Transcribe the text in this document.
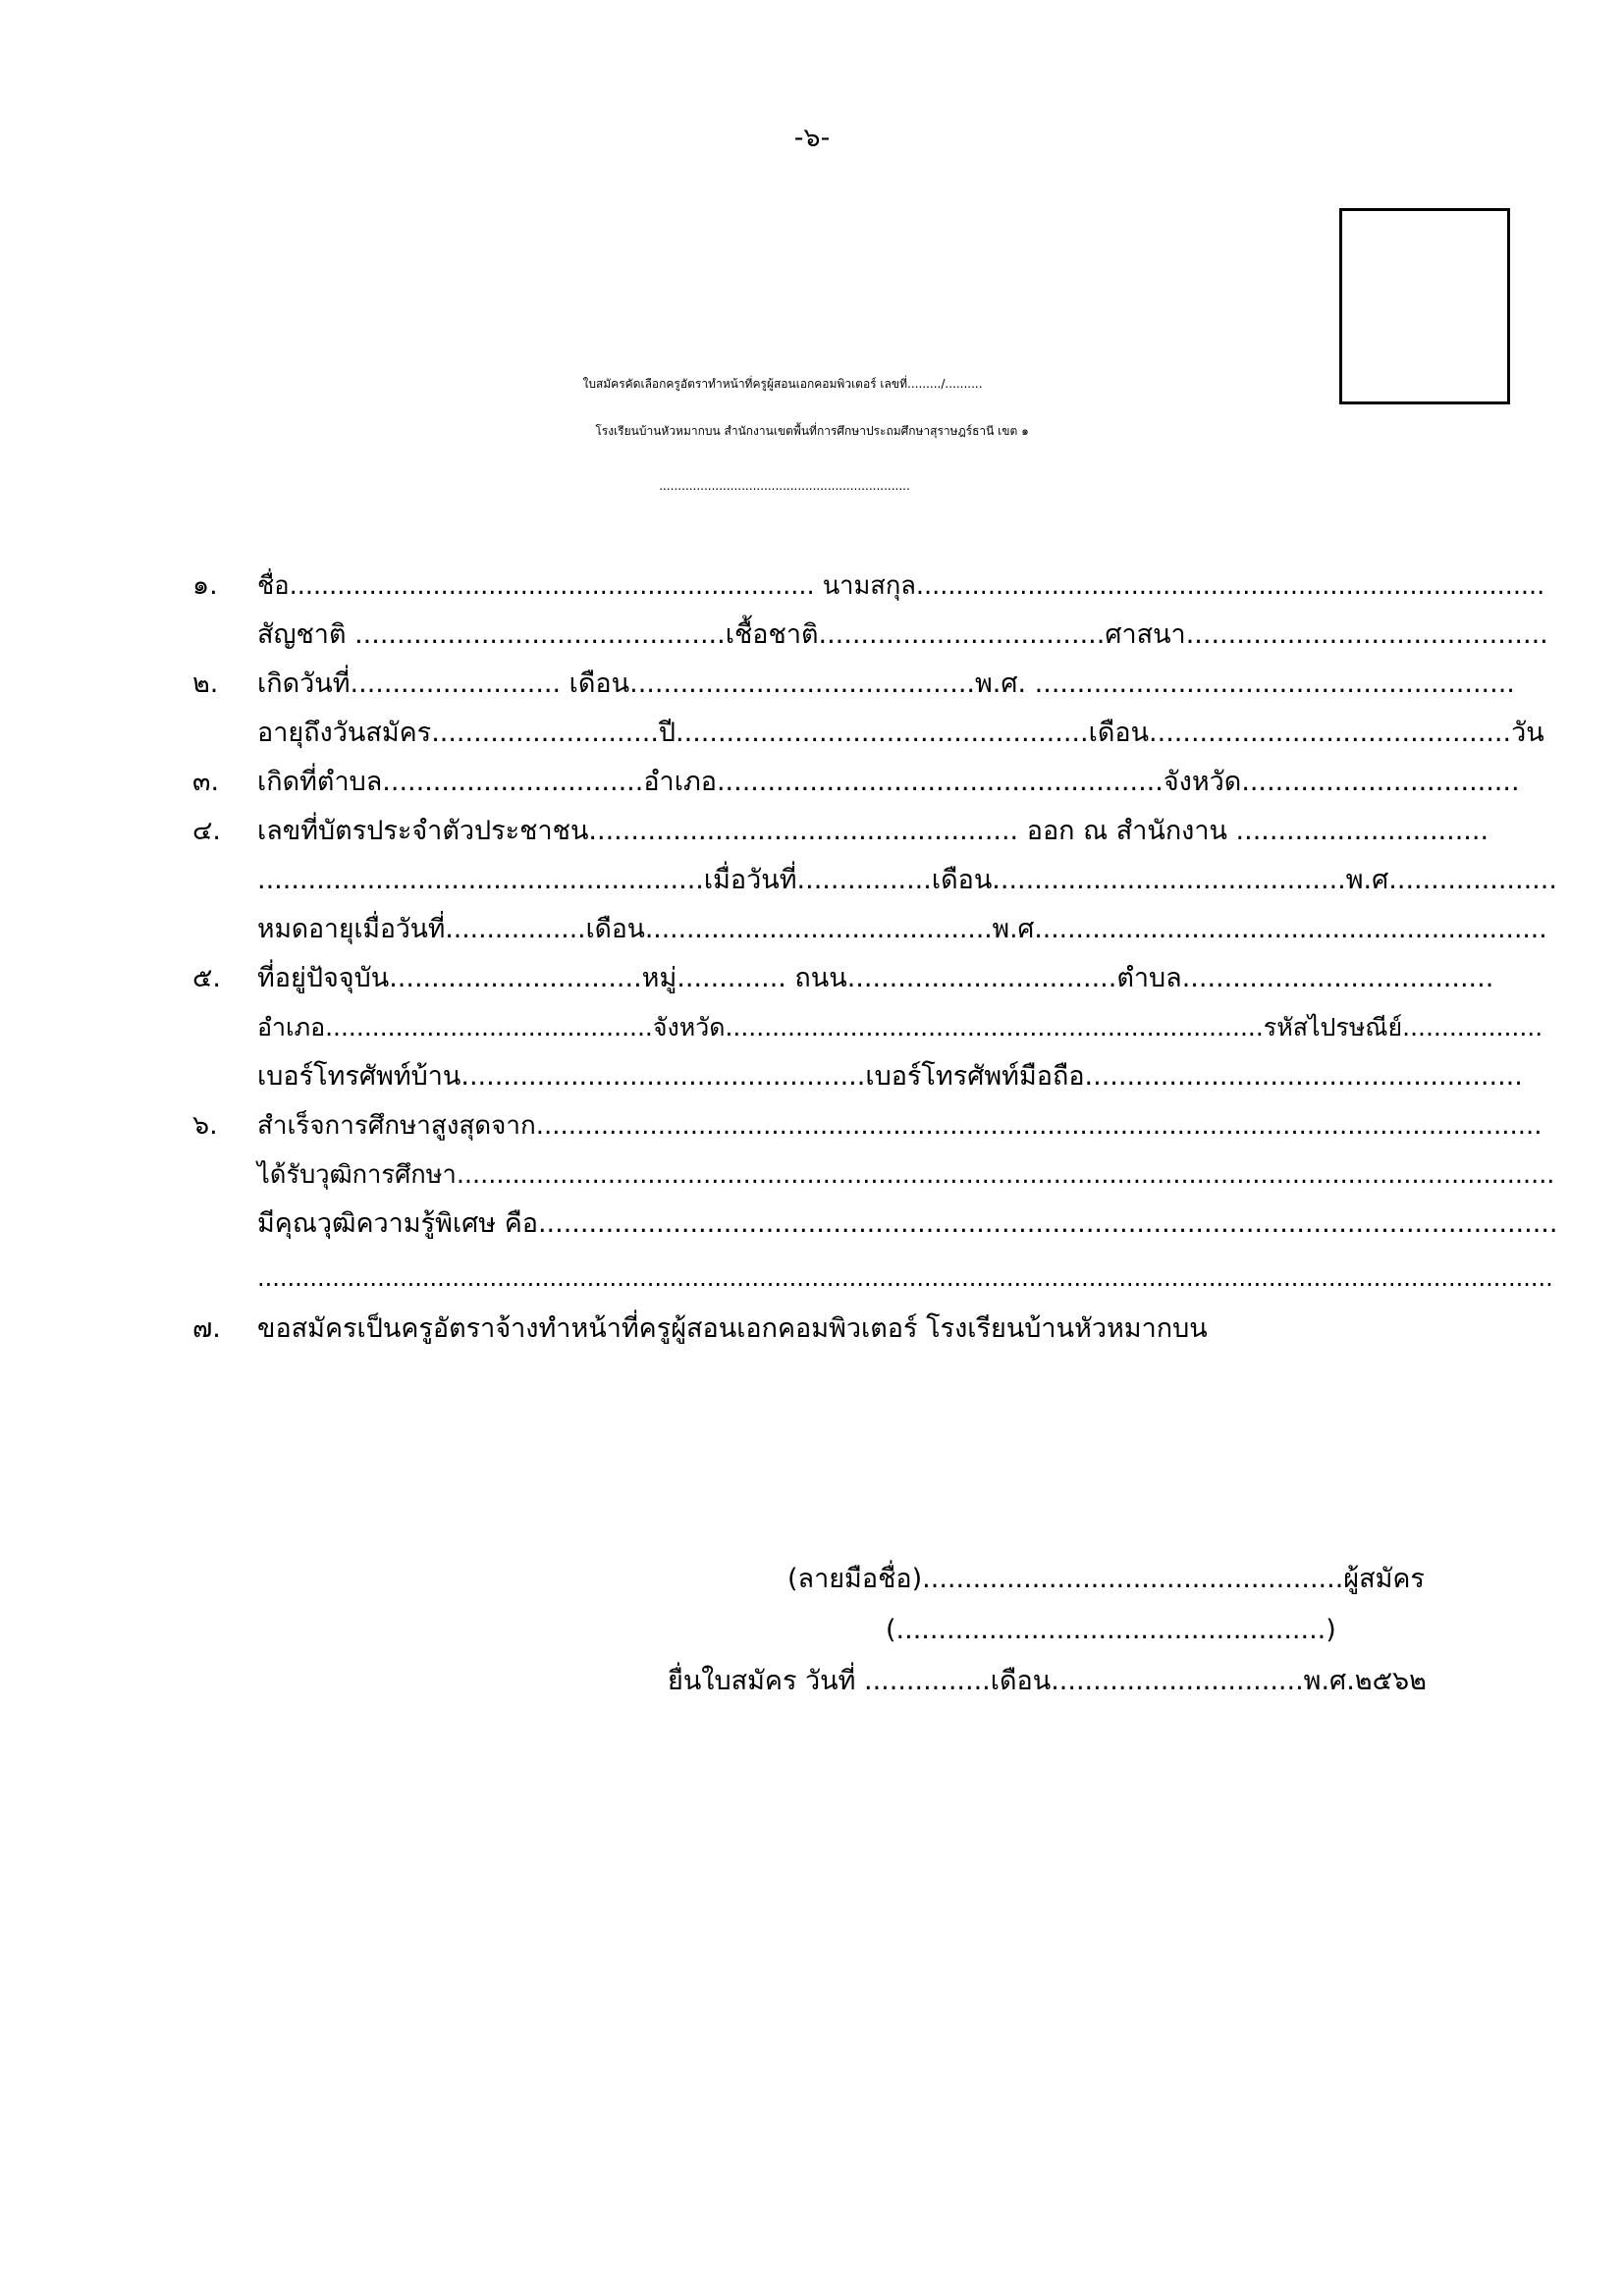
-๖-
ใบสมัครคัดเลือกครูอัตราทำหน้าที่ครูผู้สอนเอกคอมพิวเตอร์ เลขที่........./..........
โรงเรียนบ้านหัวหมากบน สำนักงานเขตพื้นที่การศึกษาประถมศึกษาสุราษฎร์ธานี เขต ๑
...................................................................
๑. ชื่อ.................................................................. นามสกุล...............................................................................
สัญชาติ ............................................เชื้อชาติ..................................ศาสนา...........................................
๒. เกิดวันที่......................... เดือน.........................................พ.ศ. .........................................................
อายุถึงวันสมัคร...........................ปี.................................................เดือน...........................................วัน
๓. เกิดที่ตำบล...............................อำเภอ.....................................................จังหวัด.................................
๔. เลขที่บัตรประจำตัวประชาชน................................................... ออก ณ สำนักงาน ..............................
.....................................................เมื่อวันที่................เดือน..........................................พ.ศ....................
หมดอายุเมื่อวันที่.................เดือน..........................................พ.ศ..............................................................
๕. ที่อยู่ปัจจุบัน..............................หมู่............. ถนน................................ตำบล.....................................
อำเภอ..........................................จังหวัด.....................................................................รหัสไปรษณีย์..................
เบอร์โทรศัพท์บ้าน................................................เบอร์โทรศัพท์มือถือ....................................................
๖. สำเร็จการศึกษาสูงสุดจาก............................................................................................................................
ได้รับวุฒิการศึกษา..........................................................................................................................................
มีคุณวุฒิความรู้พิเศษ คือ.........................................................................................................................
.............................................................................................................................................................................
๗. ขอสมัครเป็นครูอัตราจ้างทำหน้าที่ครูผู้สอนเอกคอมพิวเตอร์ โรงเรียนบ้านหัวหมากบน
(ลายมือชื่อ)..................................................ผู้สมัคร
(...................................................)
ยื่นใบสมัคร วันที่ ...............เดือน..............................พ.ศ.๒๕๖๒
